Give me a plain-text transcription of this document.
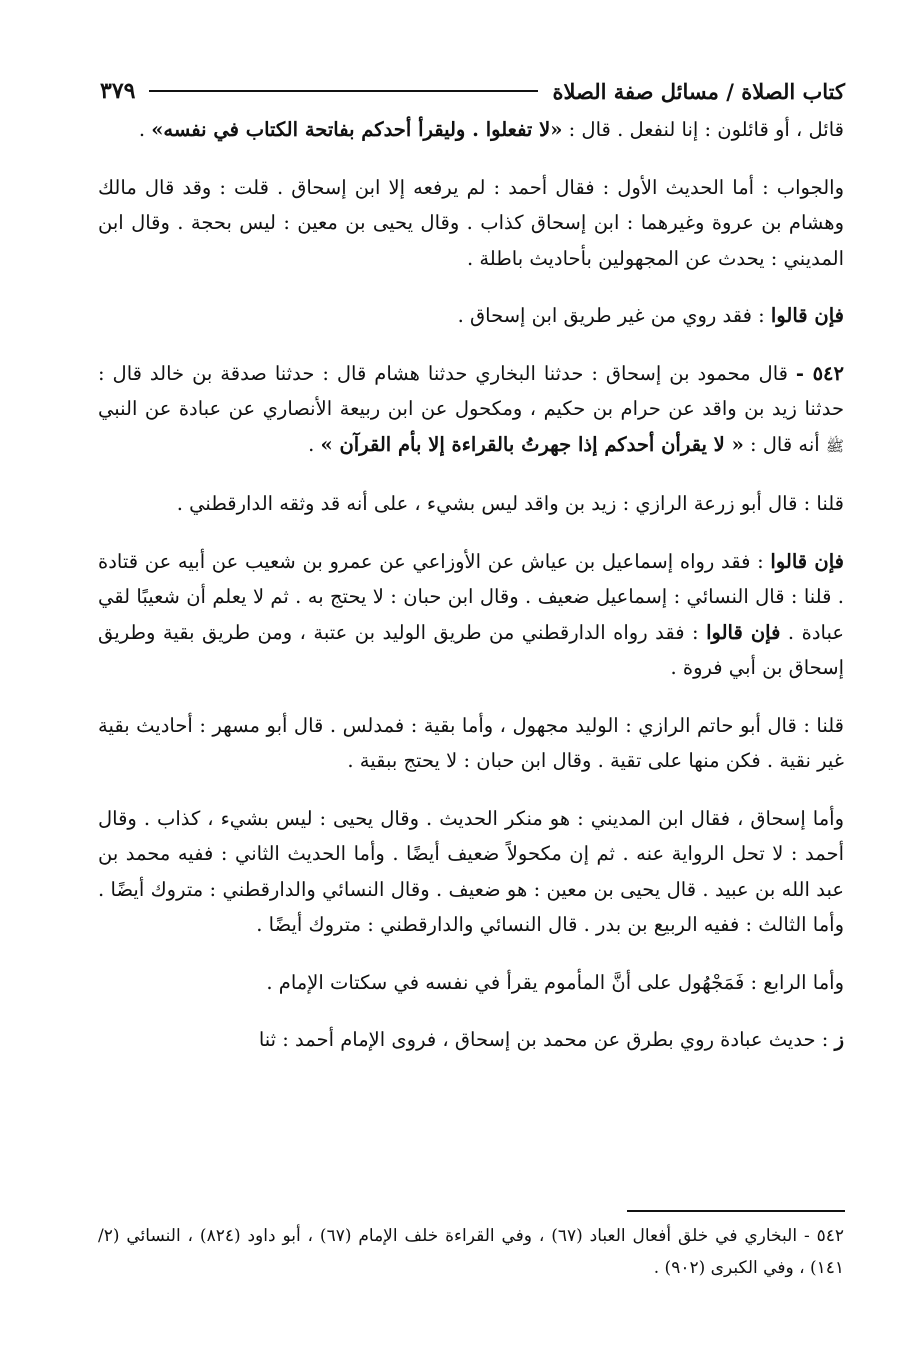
كتاب الصلاة / مسائل صفة الصلاة
٣٧٩

قائل ، أو قائلون : إنا لنفعل . قال : «لا تفعلوا . وليقرأ أحدكم بفاتحة الكتاب في نفسه» .

والجواب : أما الحديث الأول : فقال أحمد : لم يرفعه إلا ابن إسحاق . قلت : وقد قال مالك وهشام بن عروة وغيرهما : ابن إسحاق كذاب . وقال يحيى بن معين : ليس بحجة . وقال ابن المديني : يحدث عن المجهولين بأحاديث باطلة .

فإن قالوا : فقد روي من غير طريق ابن إسحاق .

٥٤٢ - قال محمود بن إسحاق : حدثنا البخاري حدثنا هشام قال : حدثنا صدقة بن خالد قال : حدثنا زيد بن واقد عن حرام بن حكيم ، ومكحول عن ابن ربيعة الأنصاري عن عبادة عن النبي ﷺ أنه قال : « لا يقرأن أحدكم إذا جهرتُ بالقراءة إلا بأم القرآن » .

قلنا : قال أبو زرعة الرازي : زيد بن واقد ليس بشيء ، على أنه قد وثقه الدارقطني .

فإن قالوا : فقد رواه إسماعيل بن عياش عن الأوزاعي عن عمرو بن شعيب عن أبيه عن قتادة . قلنا : قال النسائي : إسماعيل ضعيف . وقال ابن حبان : لا يحتج به . ثم لا يعلم أن شعيبًا لقي عبادة . فإن قالوا : فقد رواه الدارقطني من طريق الوليد بن عتبة ، ومن طريق بقية وطريق إسحاق بن أبي فروة .

قلنا : قال أبو حاتم الرازي : الوليد مجهول ، وأما بقية : فمدلس . قال أبو مسهر : أحاديث بقية غير نقية . فكن منها على تقية . وقال ابن حبان : لا يحتج ببقية .

وأما إسحاق ، فقال ابن المديني : هو منكر الحديث . وقال يحيى : ليس بشيء ، كذاب . وقال أحمد : لا تحل الرواية عنه . ثم إن مكحولاً ضعيف أيضًا . وأما الحديث الثاني : ففيه محمد بن عبد الله بن عبيد . قال يحيى بن معين : هو ضعيف . وقال النسائي والدارقطني : متروك أيضًا . وأما الثالث : ففيه الربيع بن بدر . قال النسائي والدارقطني : متروك أيضًا .

وأما الرابع : فَمَجْهُول على أنَّ المأموم يقرأ في نفسه في سكتات الإمام .

ز : حديث عبادة روي بطرق عن محمد بن إسحاق ، فروى الإمام أحمد : ثنا

٥٤٢ - البخاري في خلق أفعال العباد (٦٧) ، وفي القراءة خلف الإمام (٦٧) ، أبو داود (٨٢٤) ، النسائي (٢/ ١٤١) ، وفي الكبرى (٩٠٢) .
